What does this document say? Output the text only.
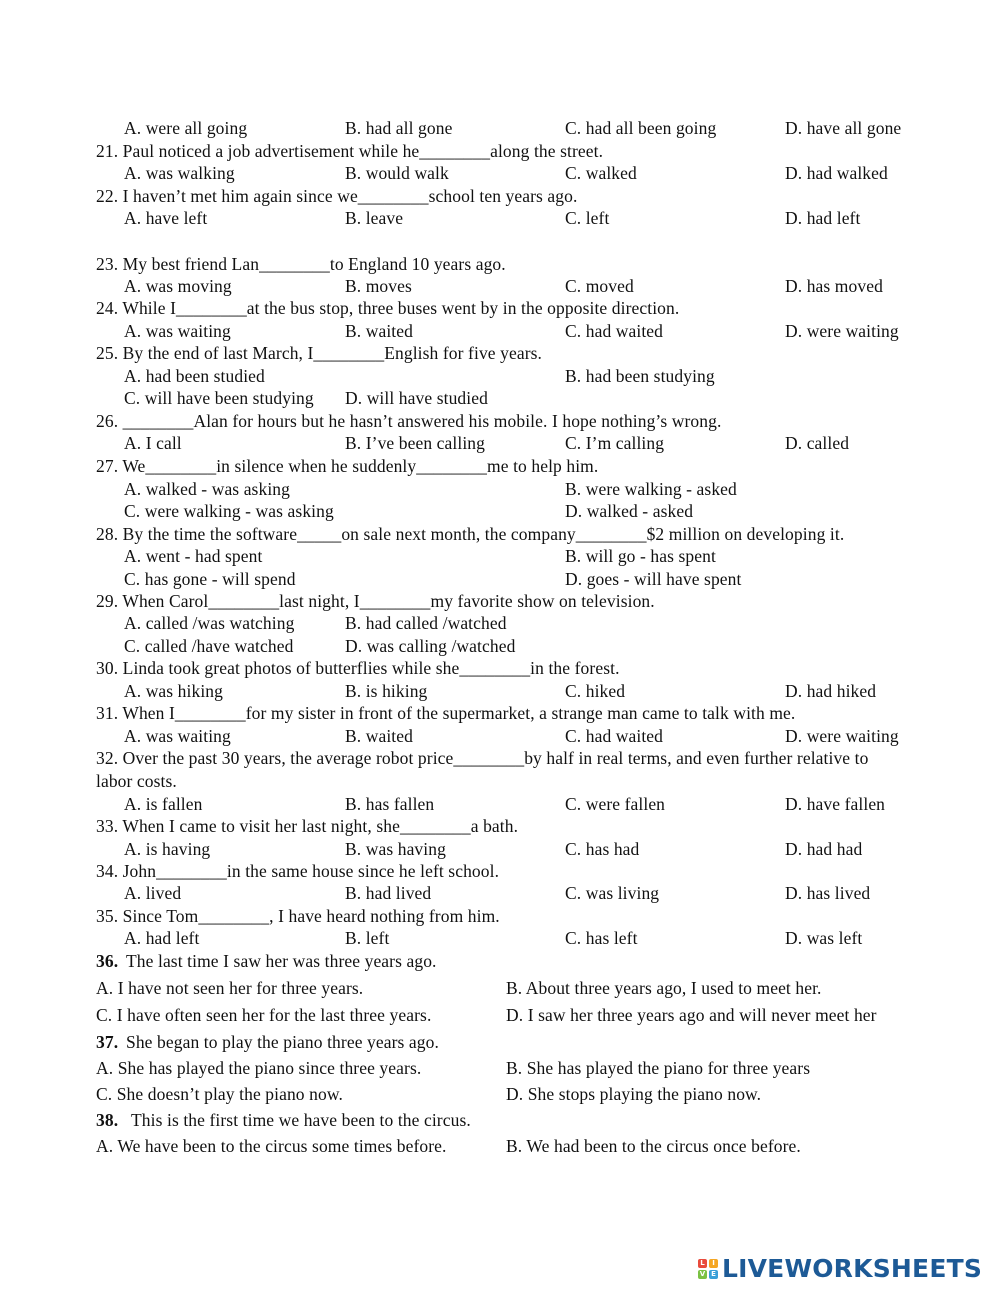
A. were all going	B. had all gone	C. had all been going	D. have all gone
21. Paul noticed a job advertisement while he________along the street.
A. was walking	B. would walk	C. walked	D. had walked
22. I haven’t met him again since we________school ten years ago.
A. have left	B. leave	C. left	D. had left
23. My best friend Lan________to England 10 years ago.
A. was moving	B. moves	C. moved	D. has moved
24. While I________at the bus stop, three buses went by in the opposite direction.
A. was waiting	B. waited	C. had waited	D. were waiting
25. By the end of last March, I________English for five years.
A. had been studied	B. had been studying
C. will have been studying D. will have studied
26. ________Alan for hours but he hasn’t answered his mobile. I hope nothing’s wrong.
A. I call	B. I’ve been calling	C. I’m calling	D. called
27. We________in silence when he suddenly________me to help him.
A. walked - was asking	B. were walking - asked
C. were walking - was asking	D. walked - asked
28. By the time the software_____on sale next month, the company________$2 million on developing it.
A. went - had spent	B. will go - has spent
C. has gone - will spend	D. goes - will have spent
29. When Carol________last night, I________my favorite show on television.
A. called /was watching	B. had called /watched
C. called /have watched	D. was calling /watched
30. Linda took great photos of butterflies while she________in the forest.
A. was hiking	B. is hiking	C. hiked	D. had hiked
31. When I________for my sister in front of the supermarket, a strange man came to talk with me.
A. was waiting	B. waited	C. had waited	D. were waiting
32. Over the past 30 years, the average robot price________by half in real terms, and even further relative to
labor costs.
A. is fallen	B. has fallen	C. were fallen	D. have fallen
33. When I came to visit her last night, she________a bath.
A. is having	B. was having	C. has had	D. had had
34. John________in the same house since he left school.
A. lived	B. had lived	C. was living	D. has lived
35. Since Tom________, I have heard nothing from him.
A. had left	B. left	C. has left	D. was left
36. The last time I saw her was three years ago.
A. I have not seen her for three years.	B. About three years ago, I used to meet her.
C. I have often seen her for the last three years.	D. I saw her three years ago and will never meet her
37. She began to play the piano three years ago.
A. She has played the piano since three years.	B. She has played the piano for three years
C. She doesn’t play the piano now.	D. She stops playing the piano now.
38. This is the first time we have been to the circus.
A. We have been to the circus some times before.	B. We had been to the circus once before.
L	I
V E LIVEWORKSHEETS
